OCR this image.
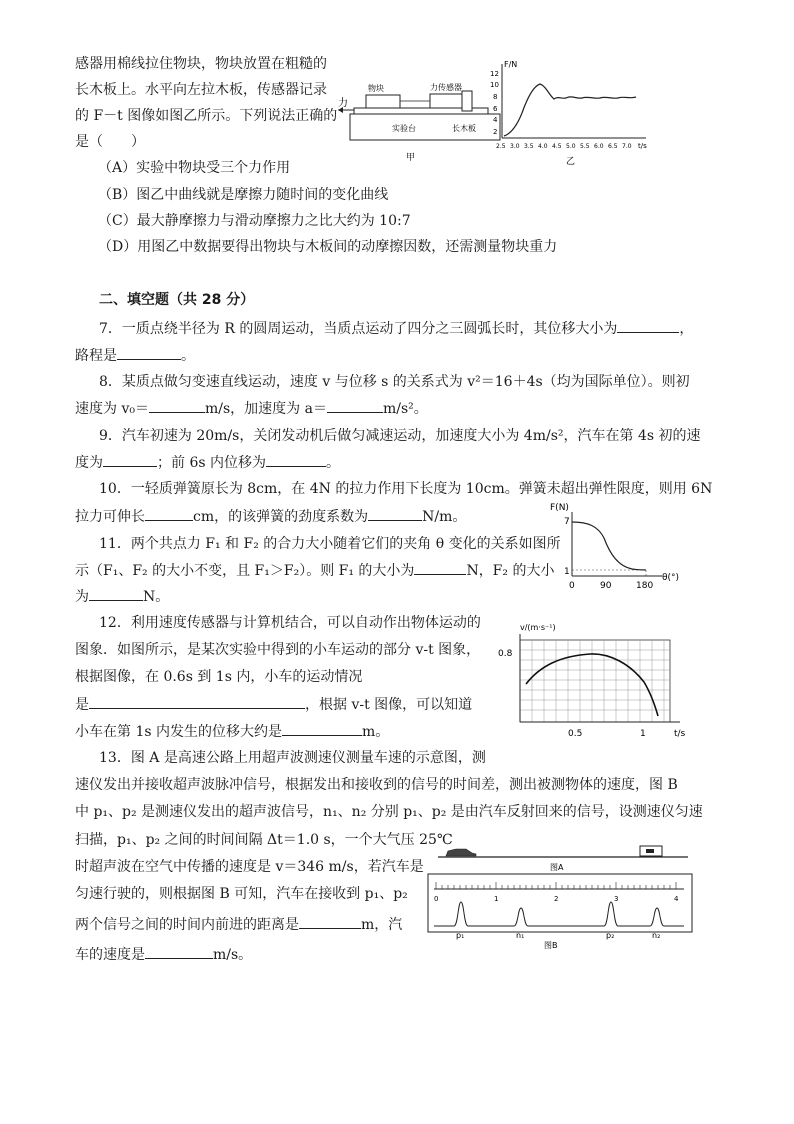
感器用棉线拉住物块，物块放置在粗糙的
长木板上。水平向左拉木板，传感器记录
的 F－t 图像如图乙所示。下列说法正确的
是（　　）
力
物块	力传感器
实验台	长木板
甲
F/N
12
10
8
6
4
2
2.5 3.0 3.5 4.0 4.5 5.0 5.5 6.0 6.5 7.0 t/s
乙
（A）实验中物块受三个力作用
（B）图乙中曲线就是摩擦力随时间的变化曲线
（C）最大静摩擦力与滑动摩擦力之比大约为 10:7
（D）用图乙中数据要得出物块与木板间的动摩擦因数，还需测量物块重力
二、填空题（共 28 分）
7．一质点绕半径为 R 的圆周运动，当质点运动了四分之三圆弧长时，其位移大小为	，
路程是	。
8．某质点做匀变速直线运动，速度 v 与位移 s 的关系式为 v²＝16＋4s（均为国际单位）。则初
速度为 v₀＝	m/s，加速度为 a＝	m/s²。
9．汽车初速为 20m/s，关闭发动机后做匀减速运动，加速度大小为 4m/s²，汽车在第 4s 初的速
度为	；前 6s 内位移为	。
10．一轻质弹簧原长为 8cm，在 4N 的拉力作用下长度为 10cm。弹簧未超出弹性限度，则用 6N
拉力可伸长	cm，的该弹簧的劲度系数为	N/m。
F(N)
7
1
0	90	180
θ(°)
11．两个共点力 F₁ 和 F₂ 的合力大小随着它们的夹角 θ 变化的关系如图所
示（F₁、F₂ 的大小不变，且 F₁＞F₂）。则 F₁ 的大小为	N，F₂ 的大小
为	N。
v/(m·s⁻¹)
0.8
0.5	1	t/s
12．利用速度传感器与计算机结合，可以自动作出物体运动的
图象．如图所示，是某次实验中得到的小车运动的部分 v-t 图象，
根据图像，在 0.6s 到 1s 内，小车的运动情况
是	，根据 v-t 图像，可以知道
小车在第 1s 内发生的位移大约是	m。
13．图 A 是高速公路上用超声波测速仪测量车速的示意图，测
速仪发出并接收超声波脉冲信号，根据发出和接收到的信号的时间差，测出被测物体的速度，图 B
中 p₁、p₂ 是测速仪发出的超声波信号，n₁、n₂ 分别 p₁、p₂ 是由汽车反射回来的信号，设测速仪匀速
扫描，p₁、p₂ 之间的时间间隔 Δt＝1.0 s，一个大气压 25℃
时超声波在空气中传播的速度是 v＝346 m/s，若汽车是
匀速行驶的，则根据图 B 可知，汽车在接收到 p₁、p₂
两个信号之间的时间内前进的距离是	m，汽
车的速度是	m/s。
图A
0	1	2	3	4
p₁	n₁	p₂	n₂
图B
